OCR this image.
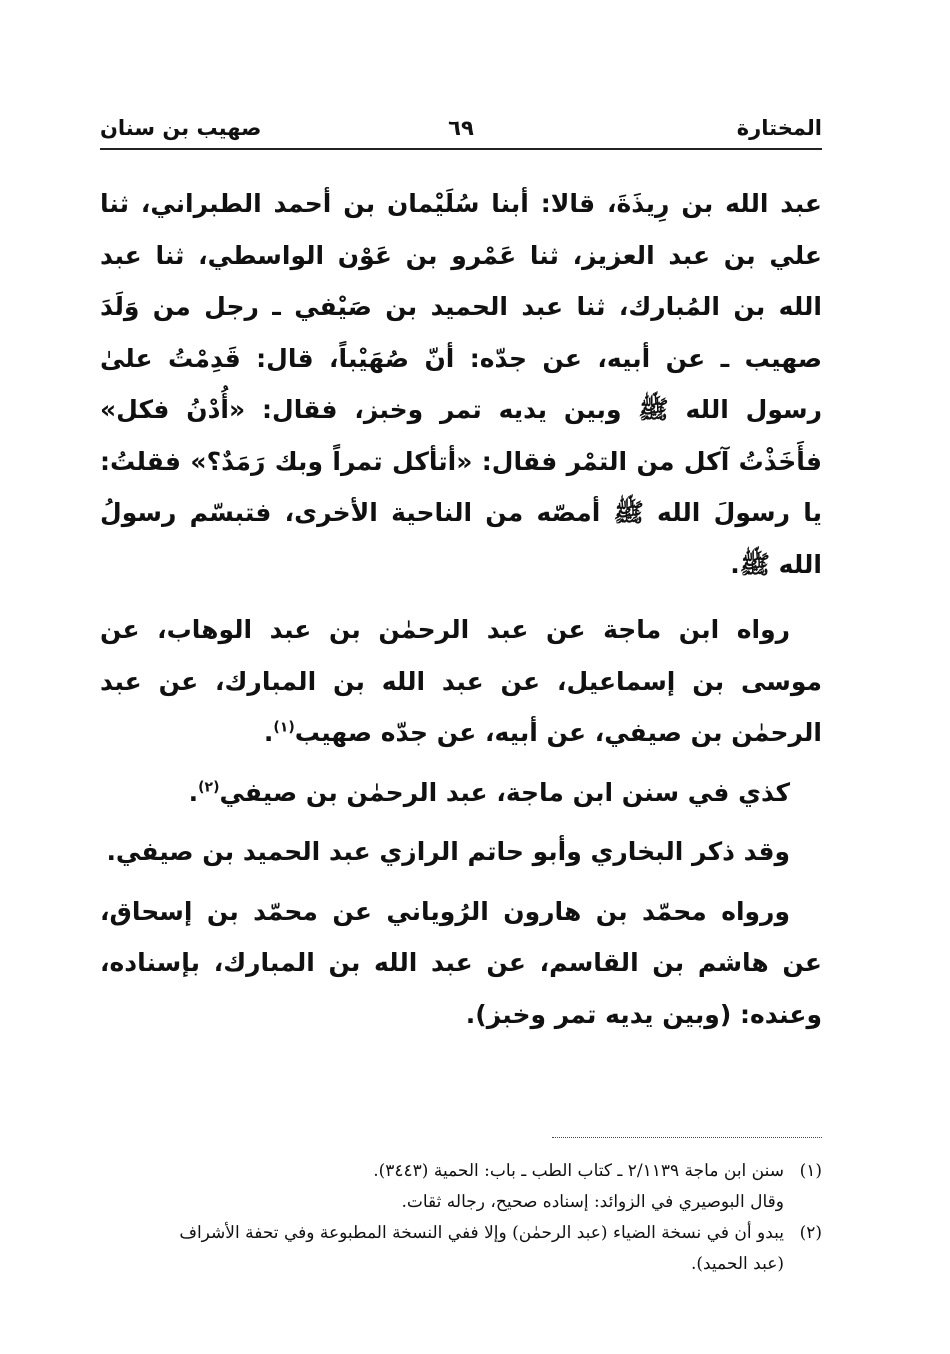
المختارة
٦٩
صهيب بن سنان

عبد الله بن رِيذَةَ، قالا: أبنا سُلَيْمان بن أحمد الطبراني، ثنا علي بن عبد العزيز، ثنا عَمْرو بن عَوْن الواسطي، ثنا عبد الله بن المُبارك، ثنا عبد الحميد بن صَيْفي ـ رجل من وَلَدَ صهيب ـ عن أبيه، عن جدّه: أنّ صُهَيْباً، قال: قَدِمْتُ علىٰ رسول الله ﷺ وبين يديه تمر وخبز، فقال: «أُدْنُ فكل» فأَخَذْتُ آكل من التمْر فقال: «أتأكل تمراً وبك رَمَدٌ؟» فقلتُ: يا رسولَ الله ﷺ أمصّه من الناحية الأخرى، فتبسّم رسولُ الله ﷺ.

رواه ابن ماجة عن عبد الرحمٰن بن عبد الوهاب، عن موسى بن إسماعيل، عن عبد الله بن المبارك، عن عبد الرحمٰن بن صيفي، عن أبيه، عن جدّه صهيب$^{(١)}$.

كذي في سنن ابن ماجة، عبد الرحمٰن بن صيفي$^{(٢)}$.

وقد ذكر البخاري وأبو حاتم الرازي عبد الحميد بن صيفي.

ورواه محمّد بن هارون الرُوياني عن محمّد بن إسحاق، عن هاشم بن القاسم، عن عبد الله بن المبارك، بإسناده، وعنده: (وبين يديه تمر وخبز).

(١)سنن ابن ماجة ٢/١١٣٩ ـ كتاب الطب ـ باب: الحمية (٣٤٤٣).

وقال البوصيري في الزوائد: إسناده صحيح، رجاله ثقات.

(٢)يبدو أن في نسخة الضياء (عبد الرحمٰن) وإلا ففي النسخة المطبوعة وفي تحفة الأشراف

(عبد الحميد).
